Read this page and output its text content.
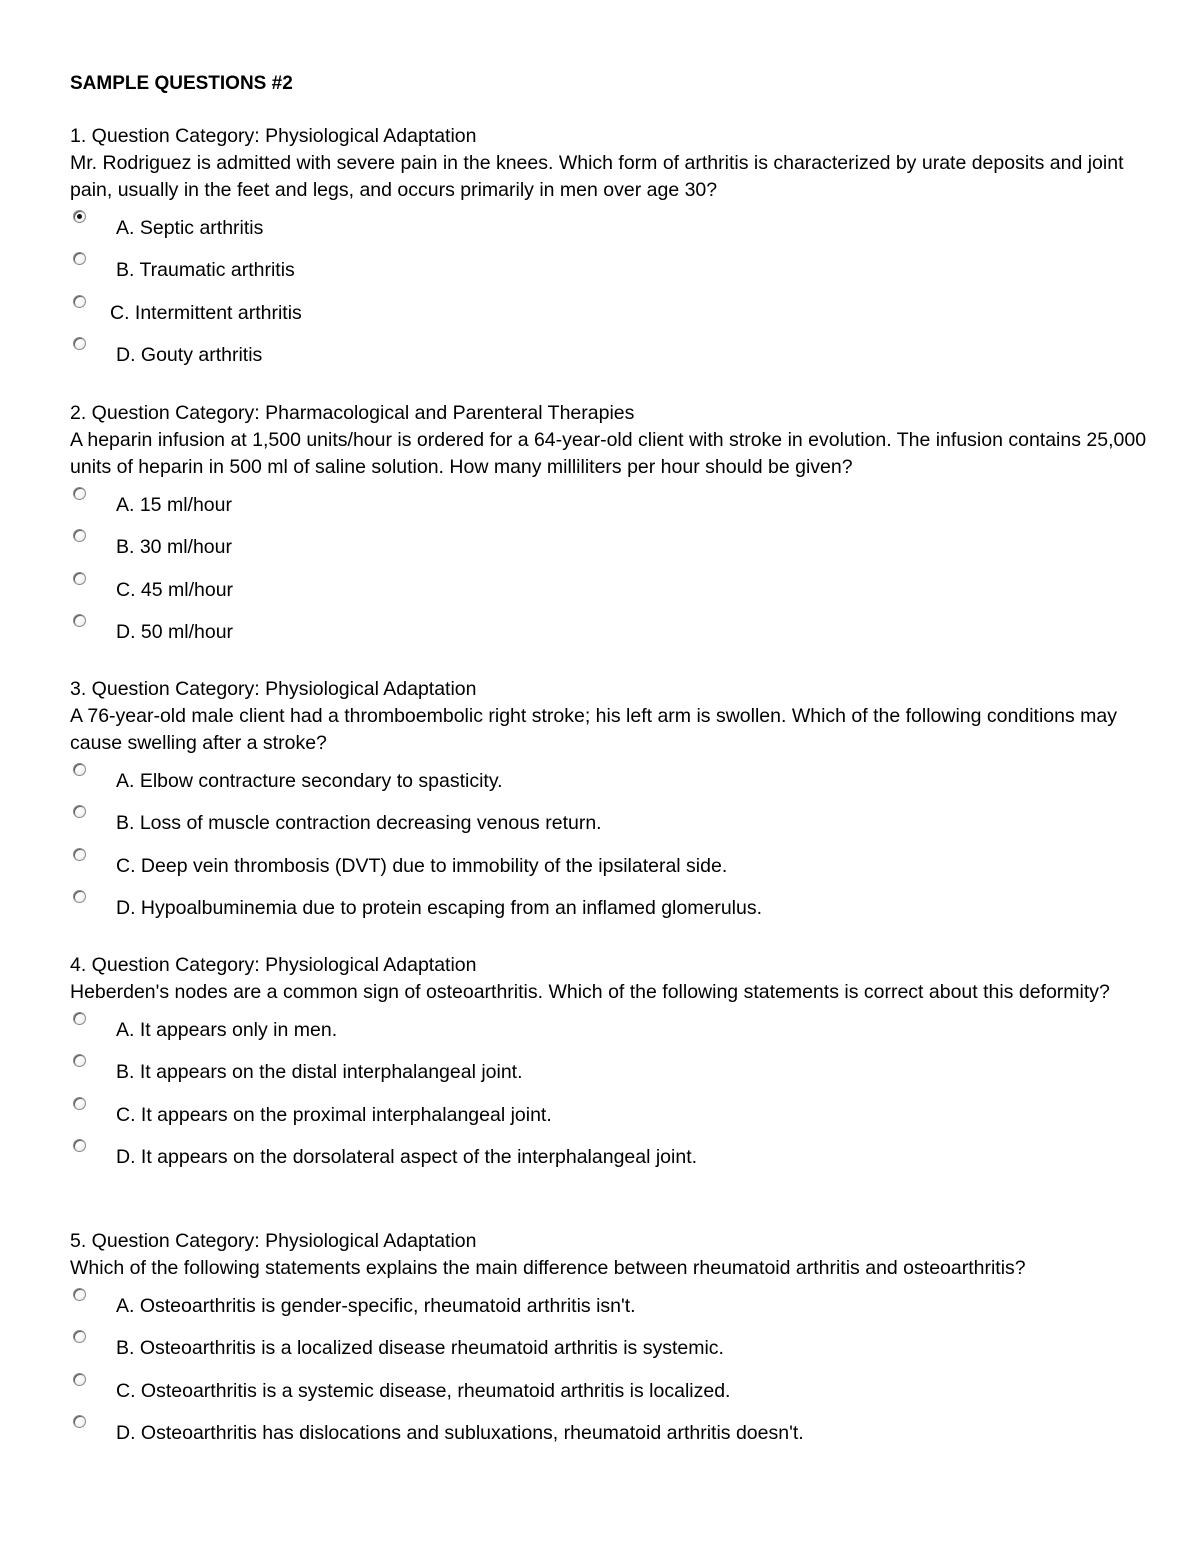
SAMPLE QUESTIONS #2
1. Question Category: Physiological Adaptation
Mr. Rodriguez is admitted with severe pain in the knees. Which form of arthritis is characterized by urate deposits and joint pain, usually in the feet and legs, and occurs primarily in men over age 30?
A. Septic arthritis
B. Traumatic arthritis
C. Intermittent arthritis
D. Gouty arthritis
2. Question Category: Pharmacological and Parenteral Therapies
A heparin infusion at 1,500 units/hour is ordered for a 64-year-old client with stroke in evolution. The infusion contains 25,000 units of heparin in 500 ml of saline solution. How many milliliters per hour should be given?
A. 15 ml/hour
B. 30 ml/hour
C. 45 ml/hour
D. 50 ml/hour
3. Question Category: Physiological Adaptation
A 76-year-old male client had a thromboembolic right stroke; his left arm is swollen. Which of the following conditions may cause swelling after a stroke?
A. Elbow contracture secondary to spasticity.
B. Loss of muscle contraction decreasing venous return.
C. Deep vein thrombosis (DVT) due to immobility of the ipsilateral side.
D. Hypoalbuminemia due to protein escaping from an inflamed glomerulus.
4. Question Category: Physiological Adaptation
Heberden's nodes are a common sign of osteoarthritis. Which of the following statements is correct about this deformity?
A. It appears only in men.
B. It appears on the distal interphalangeal joint.
C. It appears on the proximal interphalangeal joint.
D. It appears on the dorsolateral aspect of the interphalangeal joint.
5. Question Category: Physiological Adaptation
Which of the following statements explains the main difference between rheumatoid arthritis and osteoarthritis?
A. Osteoarthritis is gender-specific, rheumatoid arthritis isn't.
B. Osteoarthritis is a localized disease rheumatoid arthritis is systemic.
C. Osteoarthritis is a systemic disease, rheumatoid arthritis is localized.
D. Osteoarthritis has dislocations and subluxations, rheumatoid arthritis doesn't.
